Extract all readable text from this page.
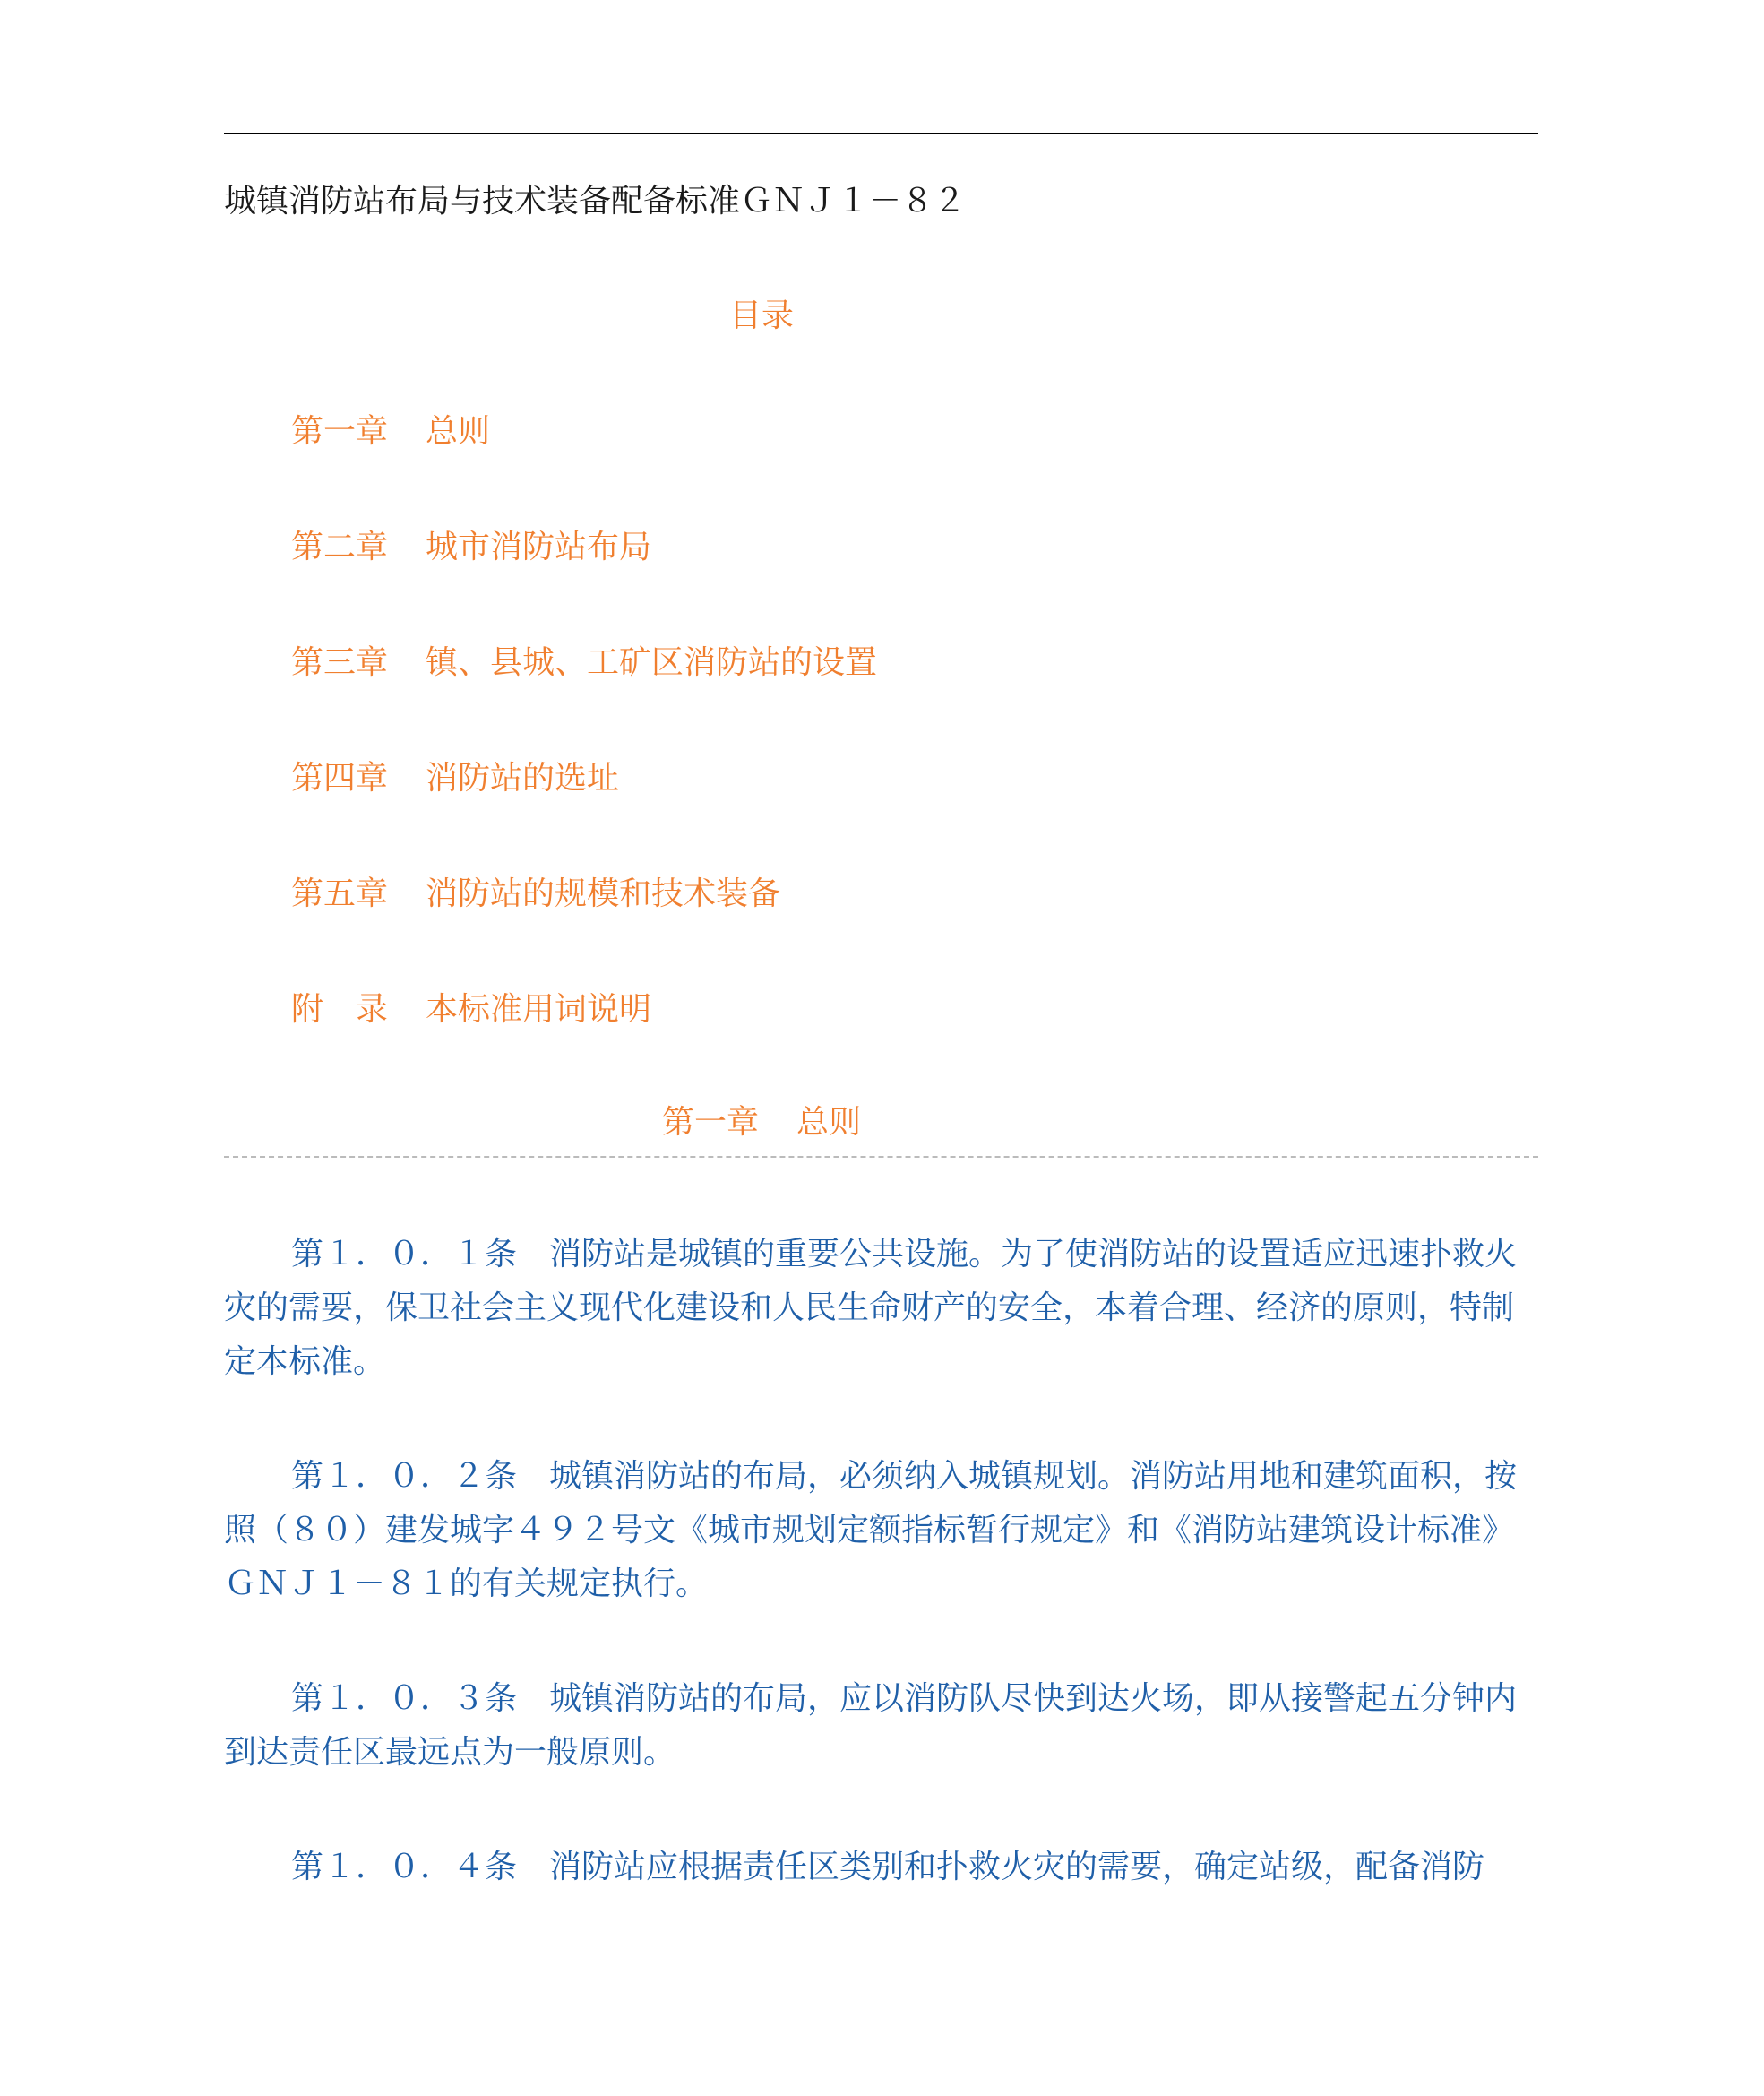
城镇消防站布局与技术装备配备标准ＧＮＪ１－８２
目录
第一章 总则
第二章 城市消防站布局
第三章 镇、县城、工矿区消防站的设置
第四章 消防站的选址
第五章 消防站的规模和技术装备
附　录 本标准用词说明
第一章 总则

第１．０．１条　消防站是城镇的重要公共设施。为了使消防站的设置适应迅速扑救火灾的需要，保卫社会主义现代化建设和人民生命财产的安全，本着合理、经济的原则，特制定本标准。

第１．０．２条　城镇消防站的布局，必须纳入城镇规划。消防站用地和建筑面积，按照（８０）建发城字４９２号文《城市规划定额指标暂行规定》和《消防站建筑设计标准》ＧＮＪ１－８１的有关规定执行。

第１．０．３条　城镇消防站的布局，应以消防队尽快到达火场，即从接警起五分钟内到达责任区最远点为一般原则。

第１．０．４条　消防站应根据责任区类别和扑救火灾的需要，确定站级，配备消防
